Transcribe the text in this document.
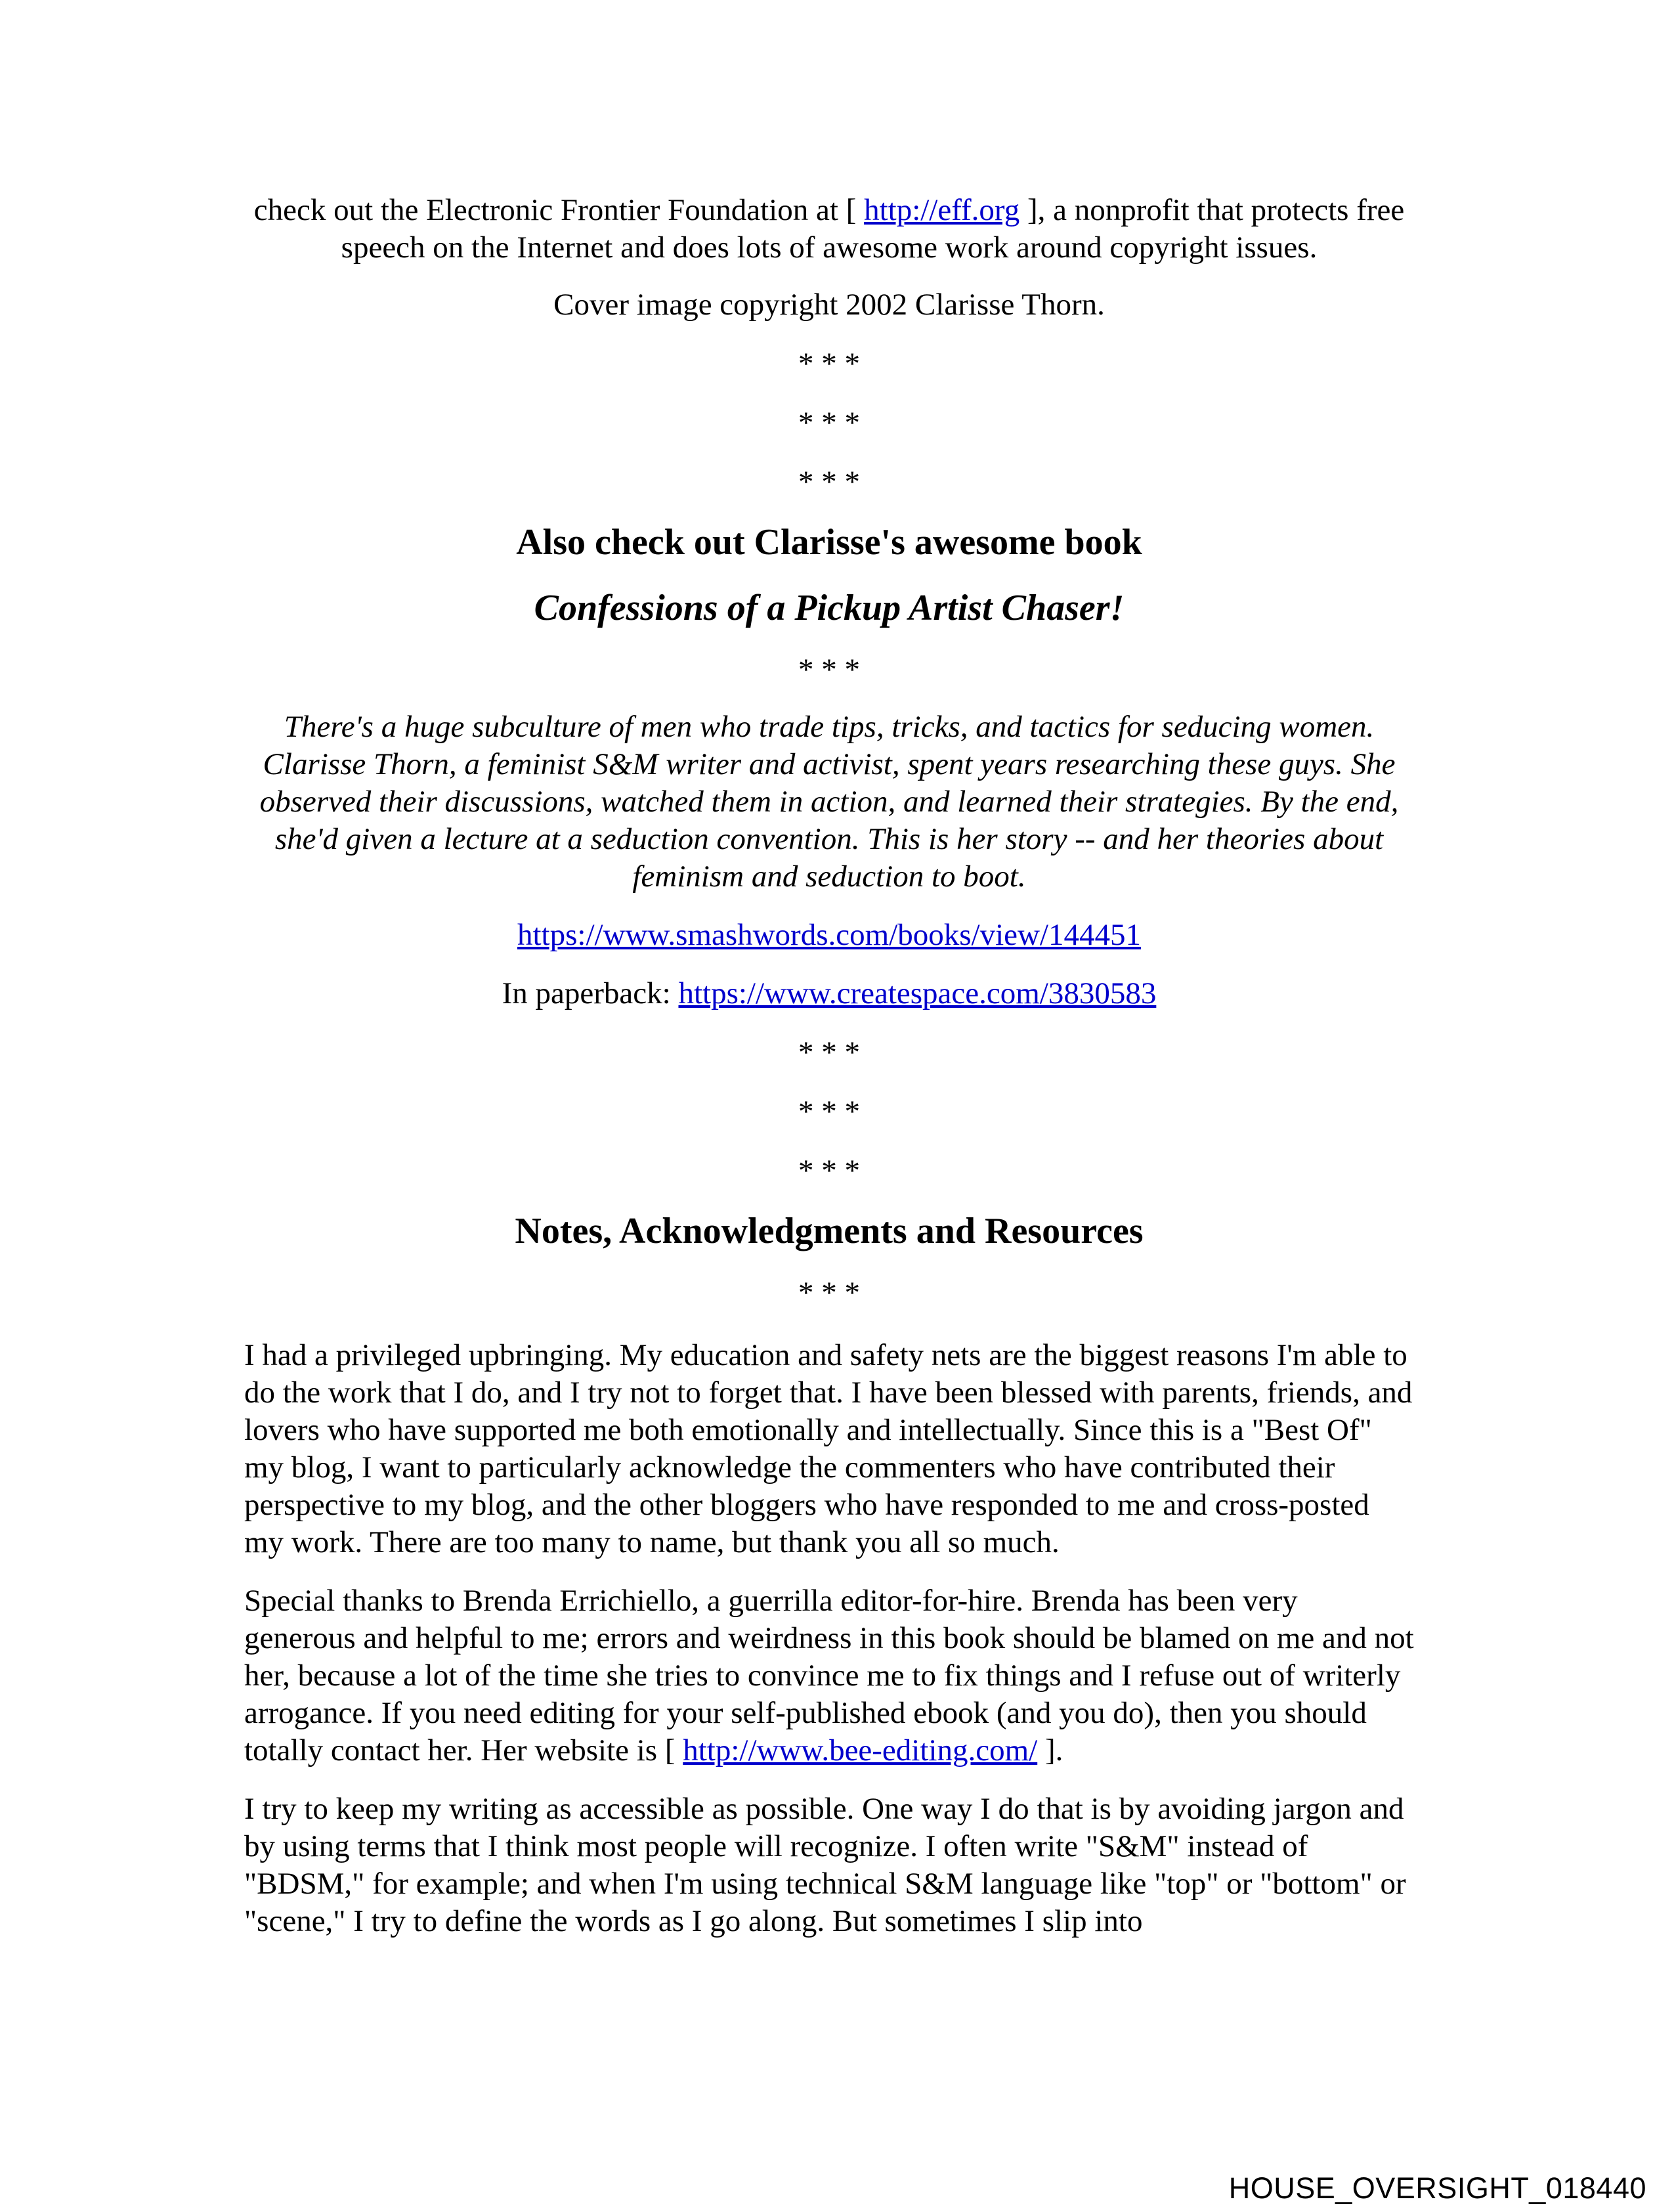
check out the Electronic Frontier Foundation at [ http://eff.org ], a nonprofit that protects free speech on the Internet and does lots of awesome work around copyright issues.

Cover image copyright 2002 Clarisse Thorn.

* * *

* * *

* * *

Also check out Clarisse's awesome book

Confessions of a Pickup Artist Chaser!

* * *

There's a huge subculture of men who trade tips, tricks, and tactics for seducing women. Clarisse Thorn, a feminist S&M writer and activist, spent years researching these guys. She observed their discussions, watched them in action, and learned their strategies. By the end, she'd given a lecture at a seduction convention. This is her story -- and her theories about feminism and seduction to boot.

https://www.smashwords.com/books/view/144451

In paperback: https://www.createspace.com/3830583

* * *

* * *

* * *

Notes, Acknowledgments and Resources

* * *

I had a privileged upbringing. My education and safety nets are the biggest reasons I'm able to do the work that I do, and I try not to forget that. I have been blessed with parents, friends, and lovers who have supported me both emotionally and intellectually. Since this is a "Best Of" my blog, I want to particularly acknowledge the commenters who have contributed their perspective to my blog, and the other bloggers who have responded to me and cross-posted my work. There are too many to name, but thank you all so much.

Special thanks to Brenda Errichiello, a guerrilla editor-for-hire. Brenda has been very generous and helpful to me; errors and weirdness in this book should be blamed on me and not her, because a lot of the time she tries to convince me to fix things and I refuse out of writerly arrogance. If you need editing for your self-published ebook (and you do), then you should totally contact her. Her website is [ http://www.bee-editing.com/ ].

I try to keep my writing as accessible as possible. One way I do that is by avoiding jargon and by using terms that I think most people will recognize. I often write "S&M" instead of "BDSM," for example; and when I'm using technical S&M language like "top" or "bottom" or "scene," I try to define the words as I go along. But sometimes I slip into

HOUSE_OVERSIGHT_018440
